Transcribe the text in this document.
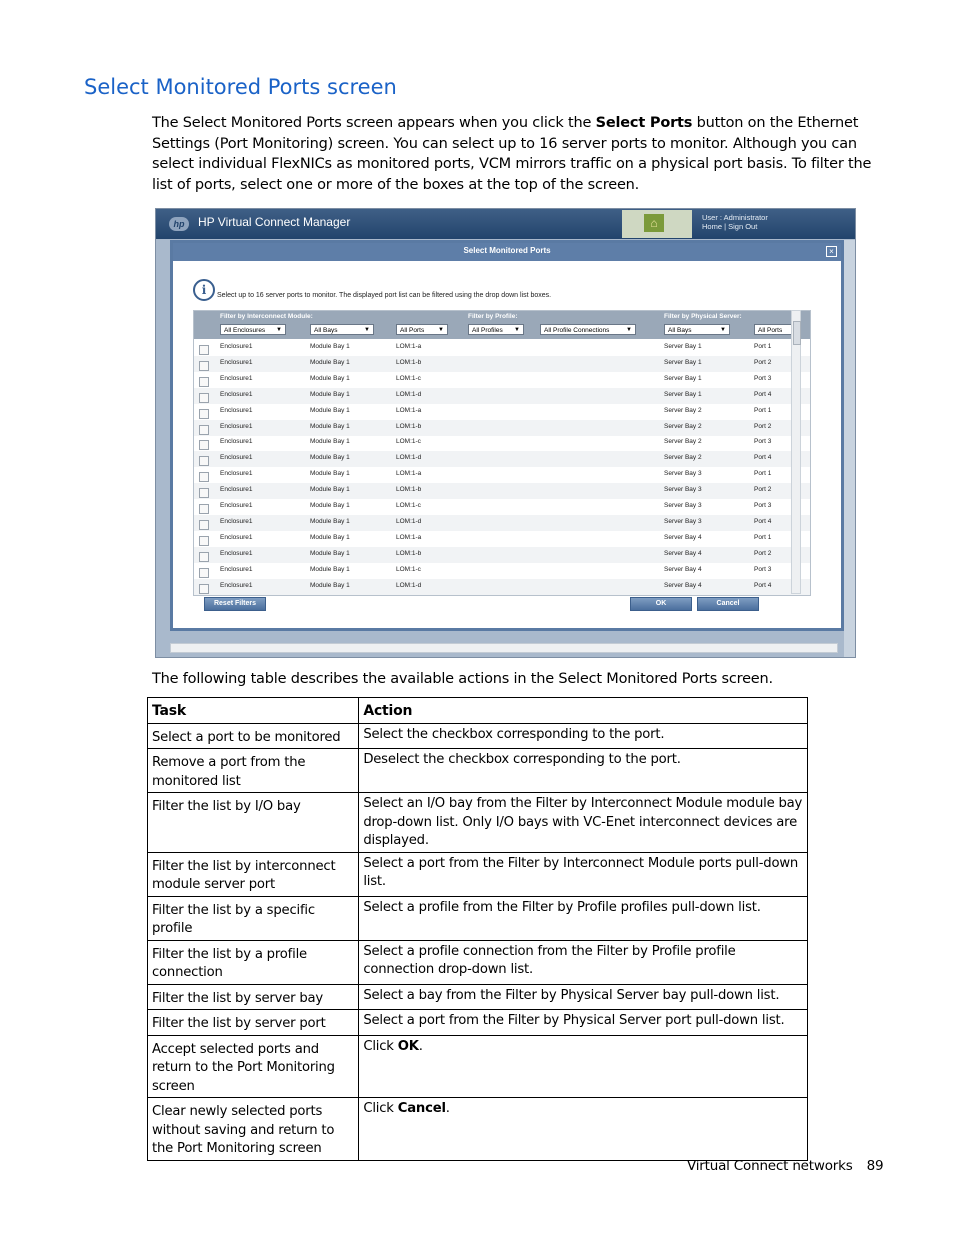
Select Monitored Ports screen

The Select Monitored Ports screen appears when you click the Select Ports button on the Ethernet Settings (Port Monitoring) screen. You can select up to 16 server ports to monitor. Although you can select individual FlexNICs as monitored ports, VCM mirrors traffic on a physical port basis. To filter the list of ports, select one or more of the boxes at the top of the screen.

hp	HP Virtual Connect Manager	⌂	User : Administrator
Home | Sign Out
Select Monitored Ports	×
i	Select up to 16 server ports to monitor. The displayed port list can be filtered using the drop down list boxes.
Filter by Interconnect Module:	Filter by Profile:	Filter by Physical Server:
All Enclosures ▼	All Bays ▼	All Ports ▼	All Profiles ▼	All Profile Connections ▼	All Bays ▼	All Ports ▼
Enclosure1	Module Bay 1	LOM:1-a	Server Bay 1	Port 1
Enclosure1	Module Bay 1	LOM:1-b	Server Bay 1	Port 2
Enclosure1	Module Bay 1	LOM:1-c	Server Bay 1	Port 3
Enclosure1	Module Bay 1	LOM:1-d	Server Bay 1	Port 4
Enclosure1	Module Bay 1	LOM:1-a	Server Bay 2	Port 1
Enclosure1	Module Bay 1	LOM:1-b	Server Bay 2	Port 2
Enclosure1	Module Bay 1	LOM:1-c	Server Bay 2	Port 3
Enclosure1	Module Bay 1	LOM:1-d	Server Bay 2	Port 4
Enclosure1	Module Bay 1	LOM:1-a	Server Bay 3	Port 1
Enclosure1	Module Bay 1	LOM:1-b	Server Bay 3	Port 2
Enclosure1	Module Bay 1	LOM:1-c	Server Bay 3	Port 3
Enclosure1	Module Bay 1	LOM:1-d	Server Bay 3	Port 4
Enclosure1	Module Bay 1	LOM:1-a	Server Bay 4	Port 1
Enclosure1	Module Bay 1	LOM:1-b	Server Bay 4	Port 2
Enclosure1	Module Bay 1	LOM:1-c	Server Bay 4	Port 3
Enclosure1	Module Bay 1	LOM:1-d	Server Bay 4	Port 4
Reset Filters	OK	Cancel
The following table describes the available actions in the Select Monitored Ports screen.
Task	Action
Select a port to be monitored	Select the checkbox corresponding to the port.
Remove a port from the monitored list	Deselect the checkbox corresponding to the port.
Filter the list by I/O bay	Select an I/O bay from the Filter by Interconnect Module module bay drop-down list. Only I/O bays with VC-Enet interconnect devices are displayed.
Filter the list by interconnect module server port	Select a port from the Filter by Interconnect Module ports pull-down list.
Filter the list by a specific profile	Select a profile from the Filter by Profile profiles pull-down list.
Filter the list by a profile connection	Select a profile connection from the Filter by Profile profile connection drop-down list.
Filter the list by server bay	Select a bay from the Filter by Physical Server bay pull-down list.
Filter the list by server port	Select a port from the Filter by Physical Server port pull-down list.
Accept selected ports and return to the Port Monitoring screen	Click OK.
Clear newly selected ports without saving and return to the Port Monitoring screen	Click Cancel.
Virtual Connect networks 89
